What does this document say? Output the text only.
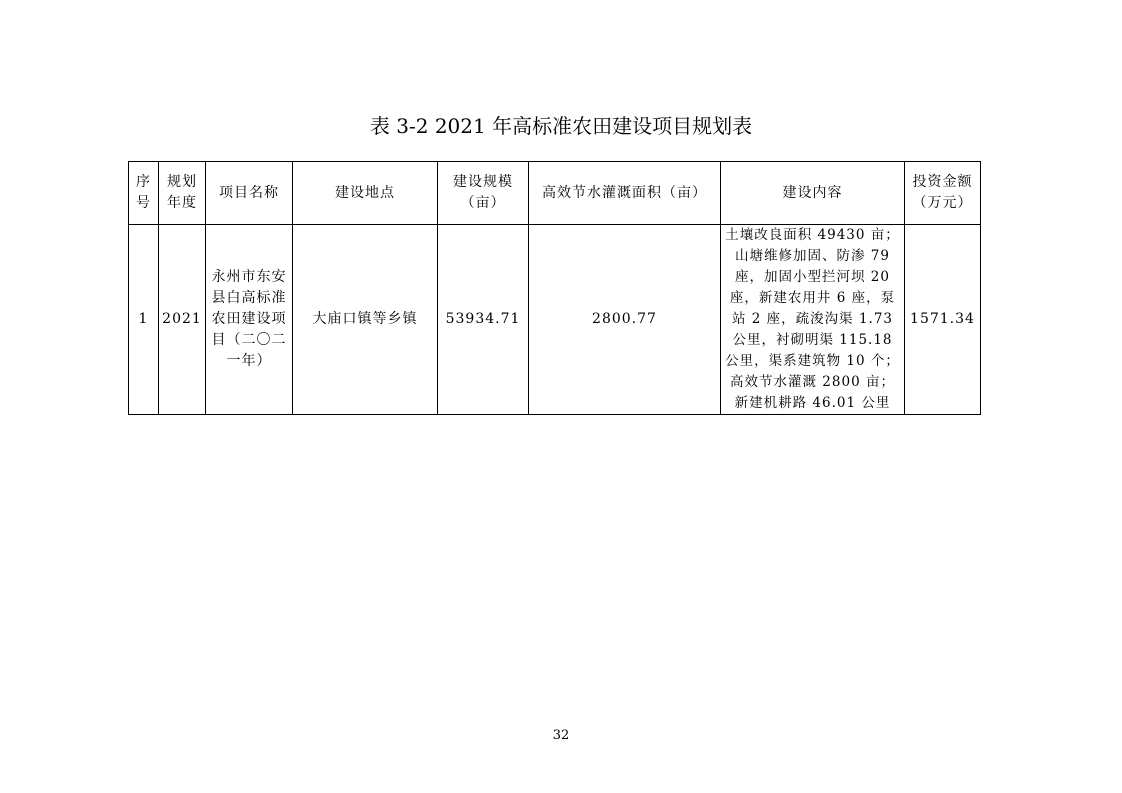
表 3-2 2021 年高标准农田建设项目规划表
序号	规划年度	项目名称	建设地点	建设规模（亩）	高效节水灌溉面积（亩）	建设内容	投资金额（万元）
1	2021	永州市东安县白高标准农田建设项目（二〇二一年）	大庙口镇等乡镇	53934.71	2800.77	土壤改良面积 49430 亩；山塘维修加固、防渗 79 座，加固小型拦河坝 20 座，新建农用井 6 座，泵站 2 座，疏浚沟渠 1.73 公里，衬砌明渠 115.18 公里，渠系建筑物 10 个；高效节水灌溉 2800 亩；新建机耕路 46.01 公里	1571.34
32
